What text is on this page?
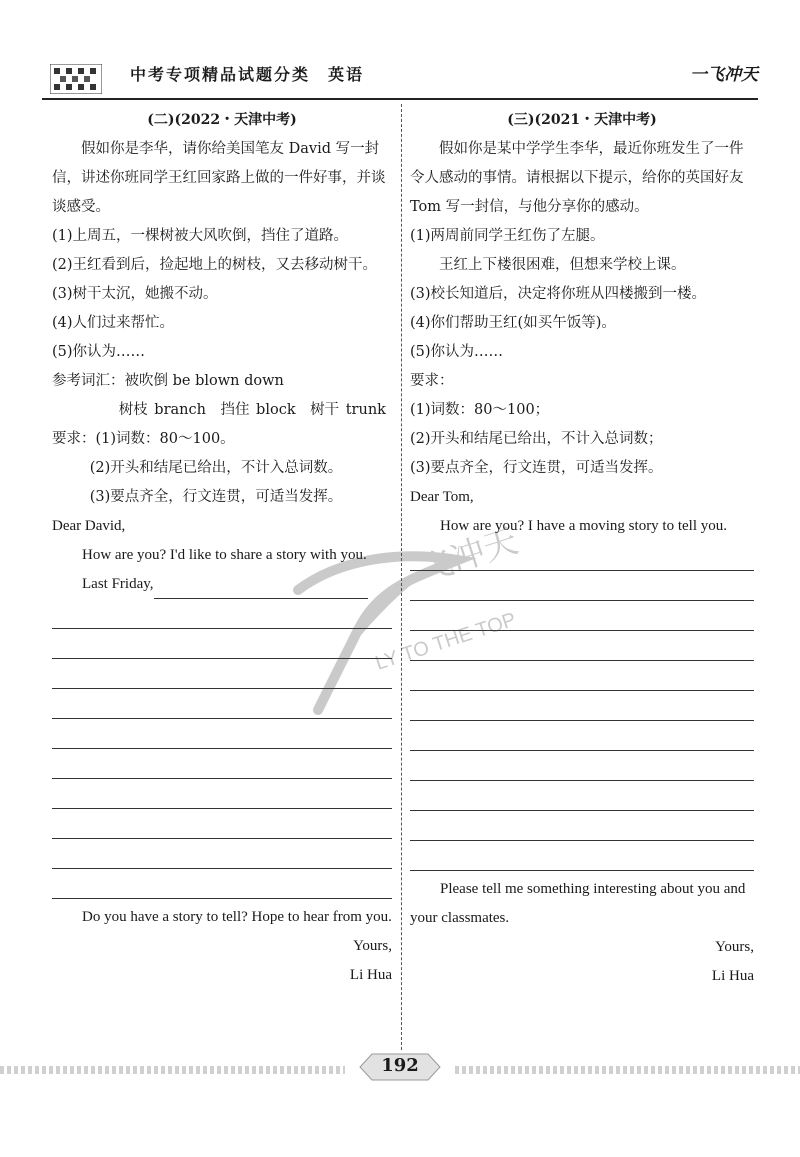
中考专项精品试题分类　英语	一飞冲天

(二)(2022・天津中考)

假如你是李华，请你给美国笔友 David 写一封信，讲述你班同学王红回家路上做的一件好事，并谈谈感受。

(1)上周五，一棵树被大风吹倒，挡住了道路。

(2)王红看到后，捡起地上的树枝，又去移动树干。

(3)树干太沉，她搬不动。

(4)人们过来帮忙。

(5)你认为……

参考词汇：被吹倒 be blown down

树枝 branch　挡住 block　树干 trunk

要求：(1)词数：80～100。

(2)开头和结尾已给出，不计入总词数。

(3)要点齐全，行文连贯，可适当发挥。

Dear David,

How are you? I'd like to share a story with you.

Last Friday,

Do you have a story to tell? Hope to hear from you.

Yours,

Li Hua

(三)(2021・天津中考)

假如你是某中学学生李华，最近你班发生了一件令人感动的事情。请根据以下提示，给你的英国好友 Tom 写一封信，与他分享你的感动。

(1)两周前同学王红伤了左腿。

王红上下楼很困难，但想来学校上课。

(3)校长知道后，决定将你班从四楼搬到一楼。

(4)你们帮助王红(如买午饭等)。

(5)你认为……

要求：

(1)词数：80～100；

(2)开头和结尾已给出，不计入总词数；

(3)要点齐全，行文连贯，可适当发挥。

Dear Tom,

How are you? I have a moving story to tell you.

Please tell me something interesting about you and your classmates.

Yours,

Li Hua

飞冲天
LY TO THE TOP
192
